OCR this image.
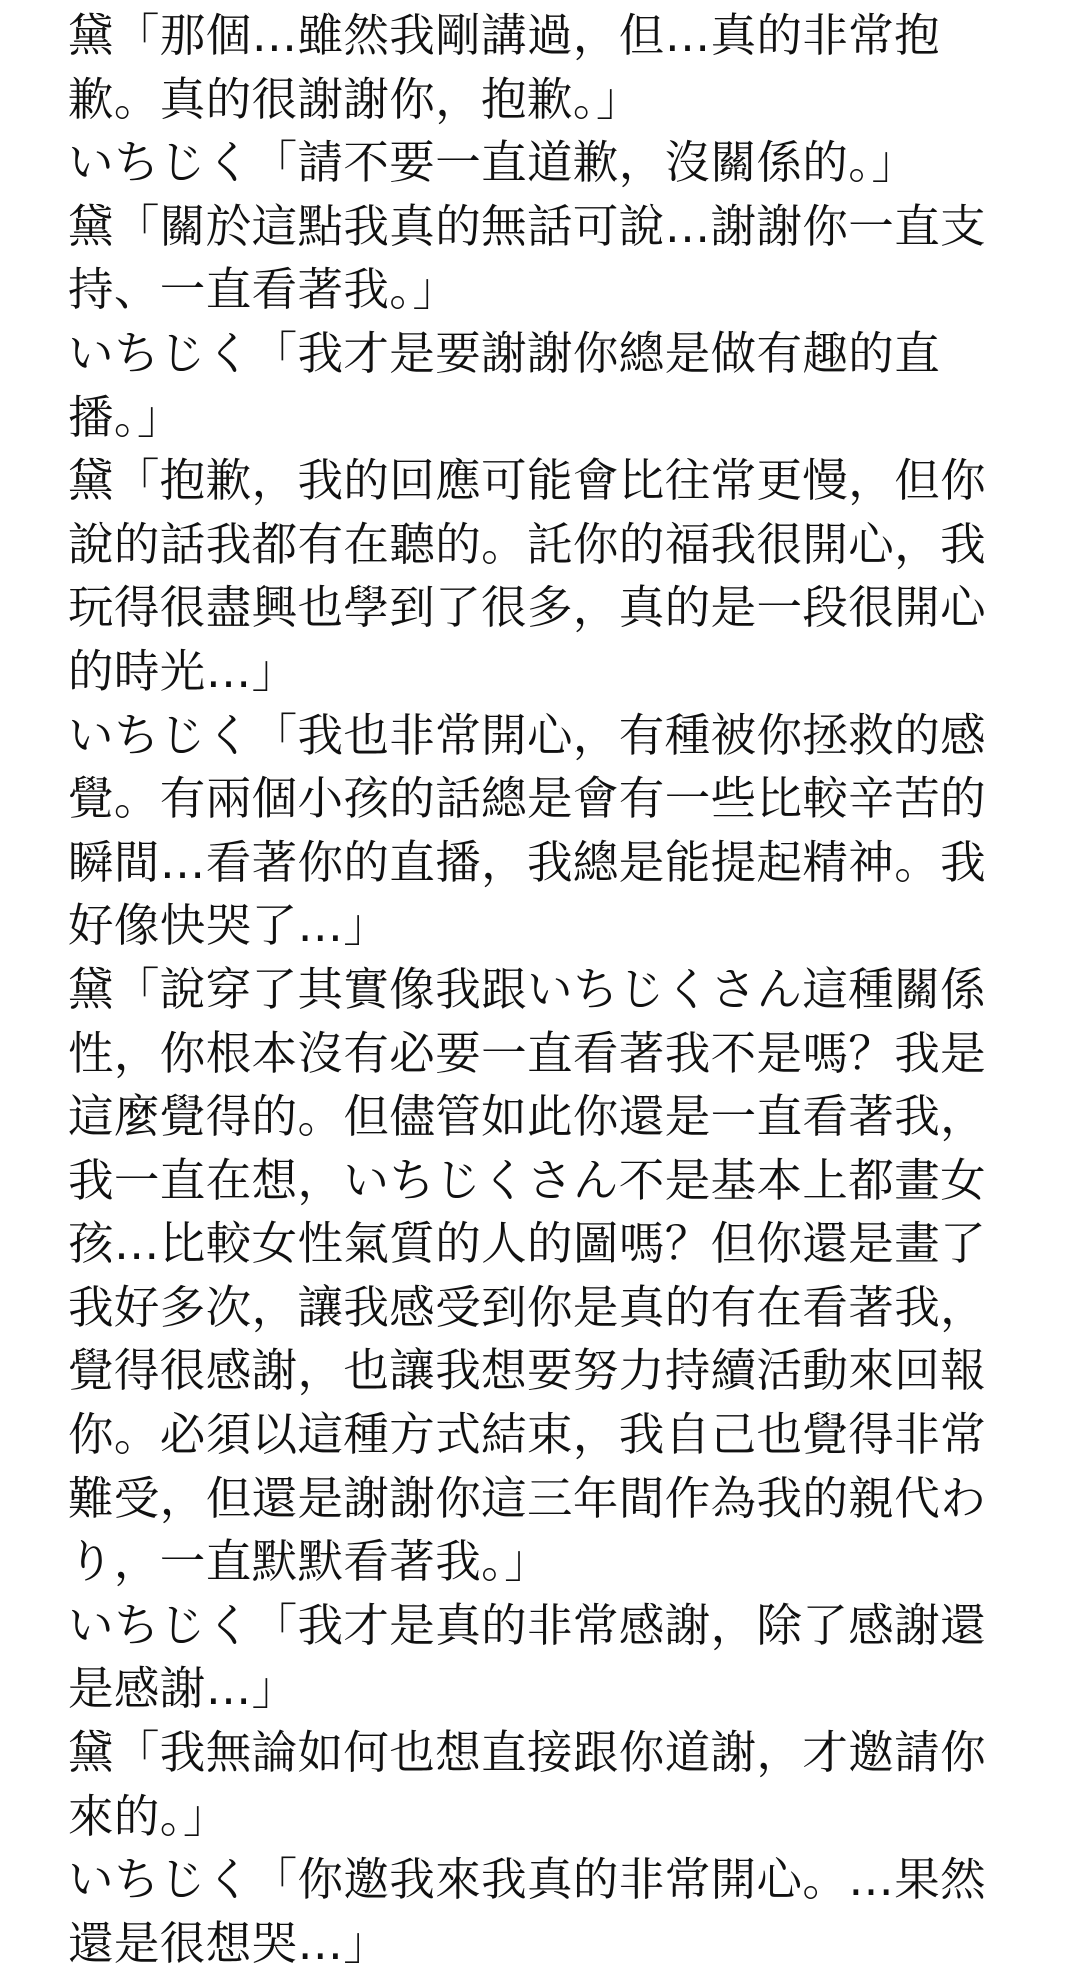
黛「那個…雖然我剛講過，但…真的非常抱
歉。真的很謝謝你，抱歉。」
いちじく「請不要一直道歉，沒關係的。」
黛「關於這點我真的無話可說…謝謝你一直支
持、一直看著我。」
いちじく「我才是要謝謝你總是做有趣的直
播。」
黛「抱歉，我的回應可能會比往常更慢，但你
說的話我都有在聽的。託你的福我很開心，我
玩得很盡興也學到了很多，真的是一段很開心
的時光…」
いちじく「我也非常開心，有種被你拯救的感
覺。有兩個小孩的話總是會有一些比較辛苦的
瞬間…看著你的直播，我總是能提起精神。我
好像快哭了…」
黛「說穿了其實像我跟いちじくさん這種關係
性，你根本沒有必要一直看著我不是嗎？我是
這麼覺得的。但儘管如此你還是一直看著我，
我一直在想，いちじくさん不是基本上都畫女
孩…比較女性氣質的人的圖嗎？但你還是畫了
我好多次，讓我感受到你是真的有在看著我，
覺得很感謝，也讓我想要努力持續活動來回報
你。必須以這種方式結束，我自己也覺得非常
難受，但還是謝謝你這三年間作為我的親代わ
り，一直默默看著我。」
いちじく「我才是真的非常感謝，除了感謝還
是感謝…」
黛「我無論如何也想直接跟你道謝，才邀請你
來的。」
いちじく「你邀我來我真的非常開心。…果然
還是很想哭…」
